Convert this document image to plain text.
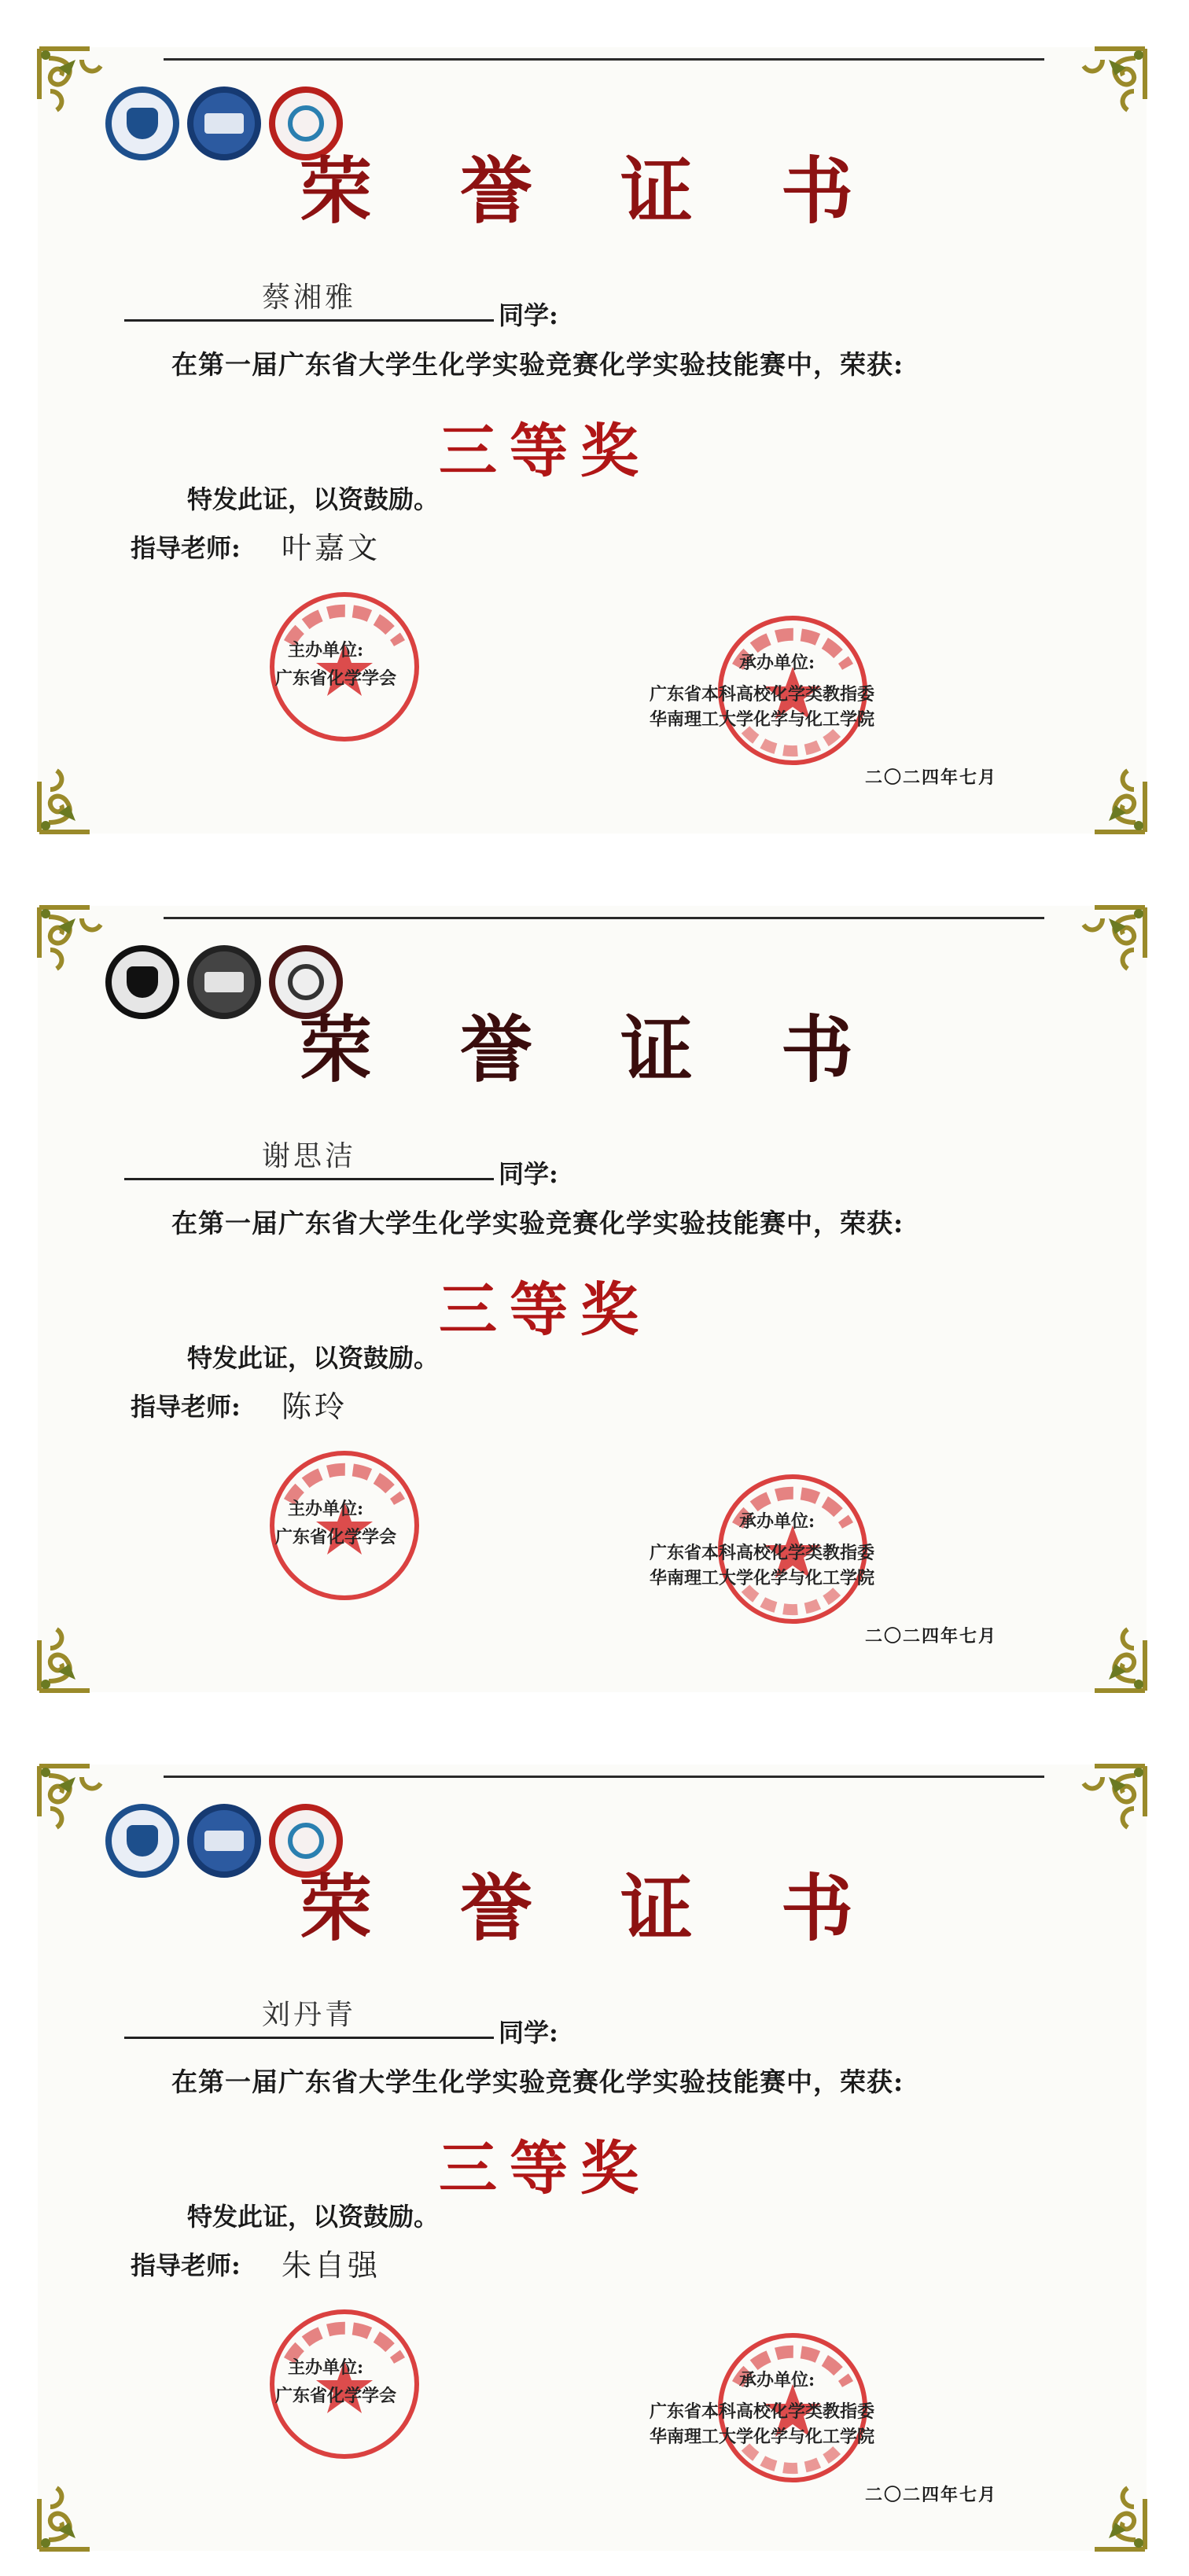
荣 誉 证 书
蔡湘雅
同学:
在第一届广东省大学生化学实验竞赛化学实验技能赛中，荣获:
三等奖
特发此证，以资鼓励。
指导老师: 叶嘉文
主办单位:
广东省化学学会
承办单位:
广东省本科高校化学类教指委
华南理工大学化学与化工学院
二〇二四年七月
荣 誉 证 书
谢思洁
同学:
在第一届广东省大学生化学实验竞赛化学实验技能赛中，荣获:
三等奖
特发此证，以资鼓励。
指导老师: 陈玲
主办单位:
广东省化学学会
承办单位:
广东省本科高校化学类教指委
华南理工大学化学与化工学院
二〇二四年七月
荣 誉 证 书
刘丹青
同学:
在第一届广东省大学生化学实验竞赛化学实验技能赛中，荣获:
三等奖
特发此证，以资鼓励。
指导老师: 朱自强
主办单位:
广东省化学学会
承办单位:
广东省本科高校化学类教指委
华南理工大学化学与化工学院
二〇二四年七月
